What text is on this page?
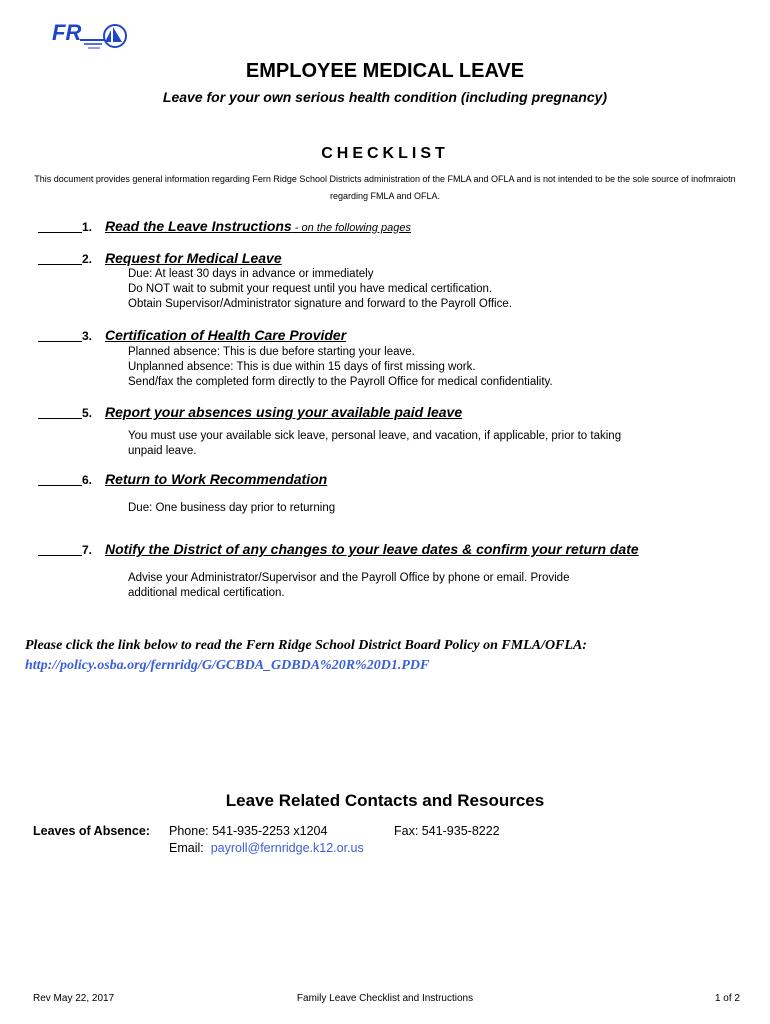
FR
EMPLOYEE MEDICAL LEAVE
Leave for your own serious health condition (including pregnancy)
CHECKLIST
This document provides general information regarding Fern Ridge School Districts administration of the FMLA and OFLA and is not intended to be the sole source of inofmraiotn regarding FMLA and OFLA.
1. Read the Leave Instructions - on the following pages
2. Request for Medical Leave
Due: At least 30 days in advance or immediately
Do NOT wait to submit your request until you have medical certification.
Obtain Supervisor/Administrator signature and forward to the Payroll Office.
3. Certification of Health Care Provider
Planned absence: This is due before starting your leave.
Unplanned absence: This is due within 15 days of first missing work.
Send/fax the completed form directly to the Payroll Office for medical confidentiality.
5. Report your absences using your available paid leave
You must use your available sick leave, personal leave, and vacation, if applicable, prior to taking
unpaid leave.
6. Return to Work Recommendation
Due: One business day prior to returning
7. Notify the District of any changes to your leave dates & confirm your return date
Advise your Administrator/Supervisor and the Payroll Office by phone or email. Provide
additional medical certification.
Please click the link below to read the Fern Ridge School District Board Policy on FMLA/OFLA:
http://policy.osba.org/fernridg/G/GCBDA_GDBDA%20R%20D1.PDF
Leave Related Contacts and Resources
Leaves of Absence: Phone: 541-935-2253 x1204	Fax: 541-935-8222
Email: payroll@fernridge.k12.or.us
Rev May 22, 2017	Family Leave Checklist and Instructions	1 of 2
